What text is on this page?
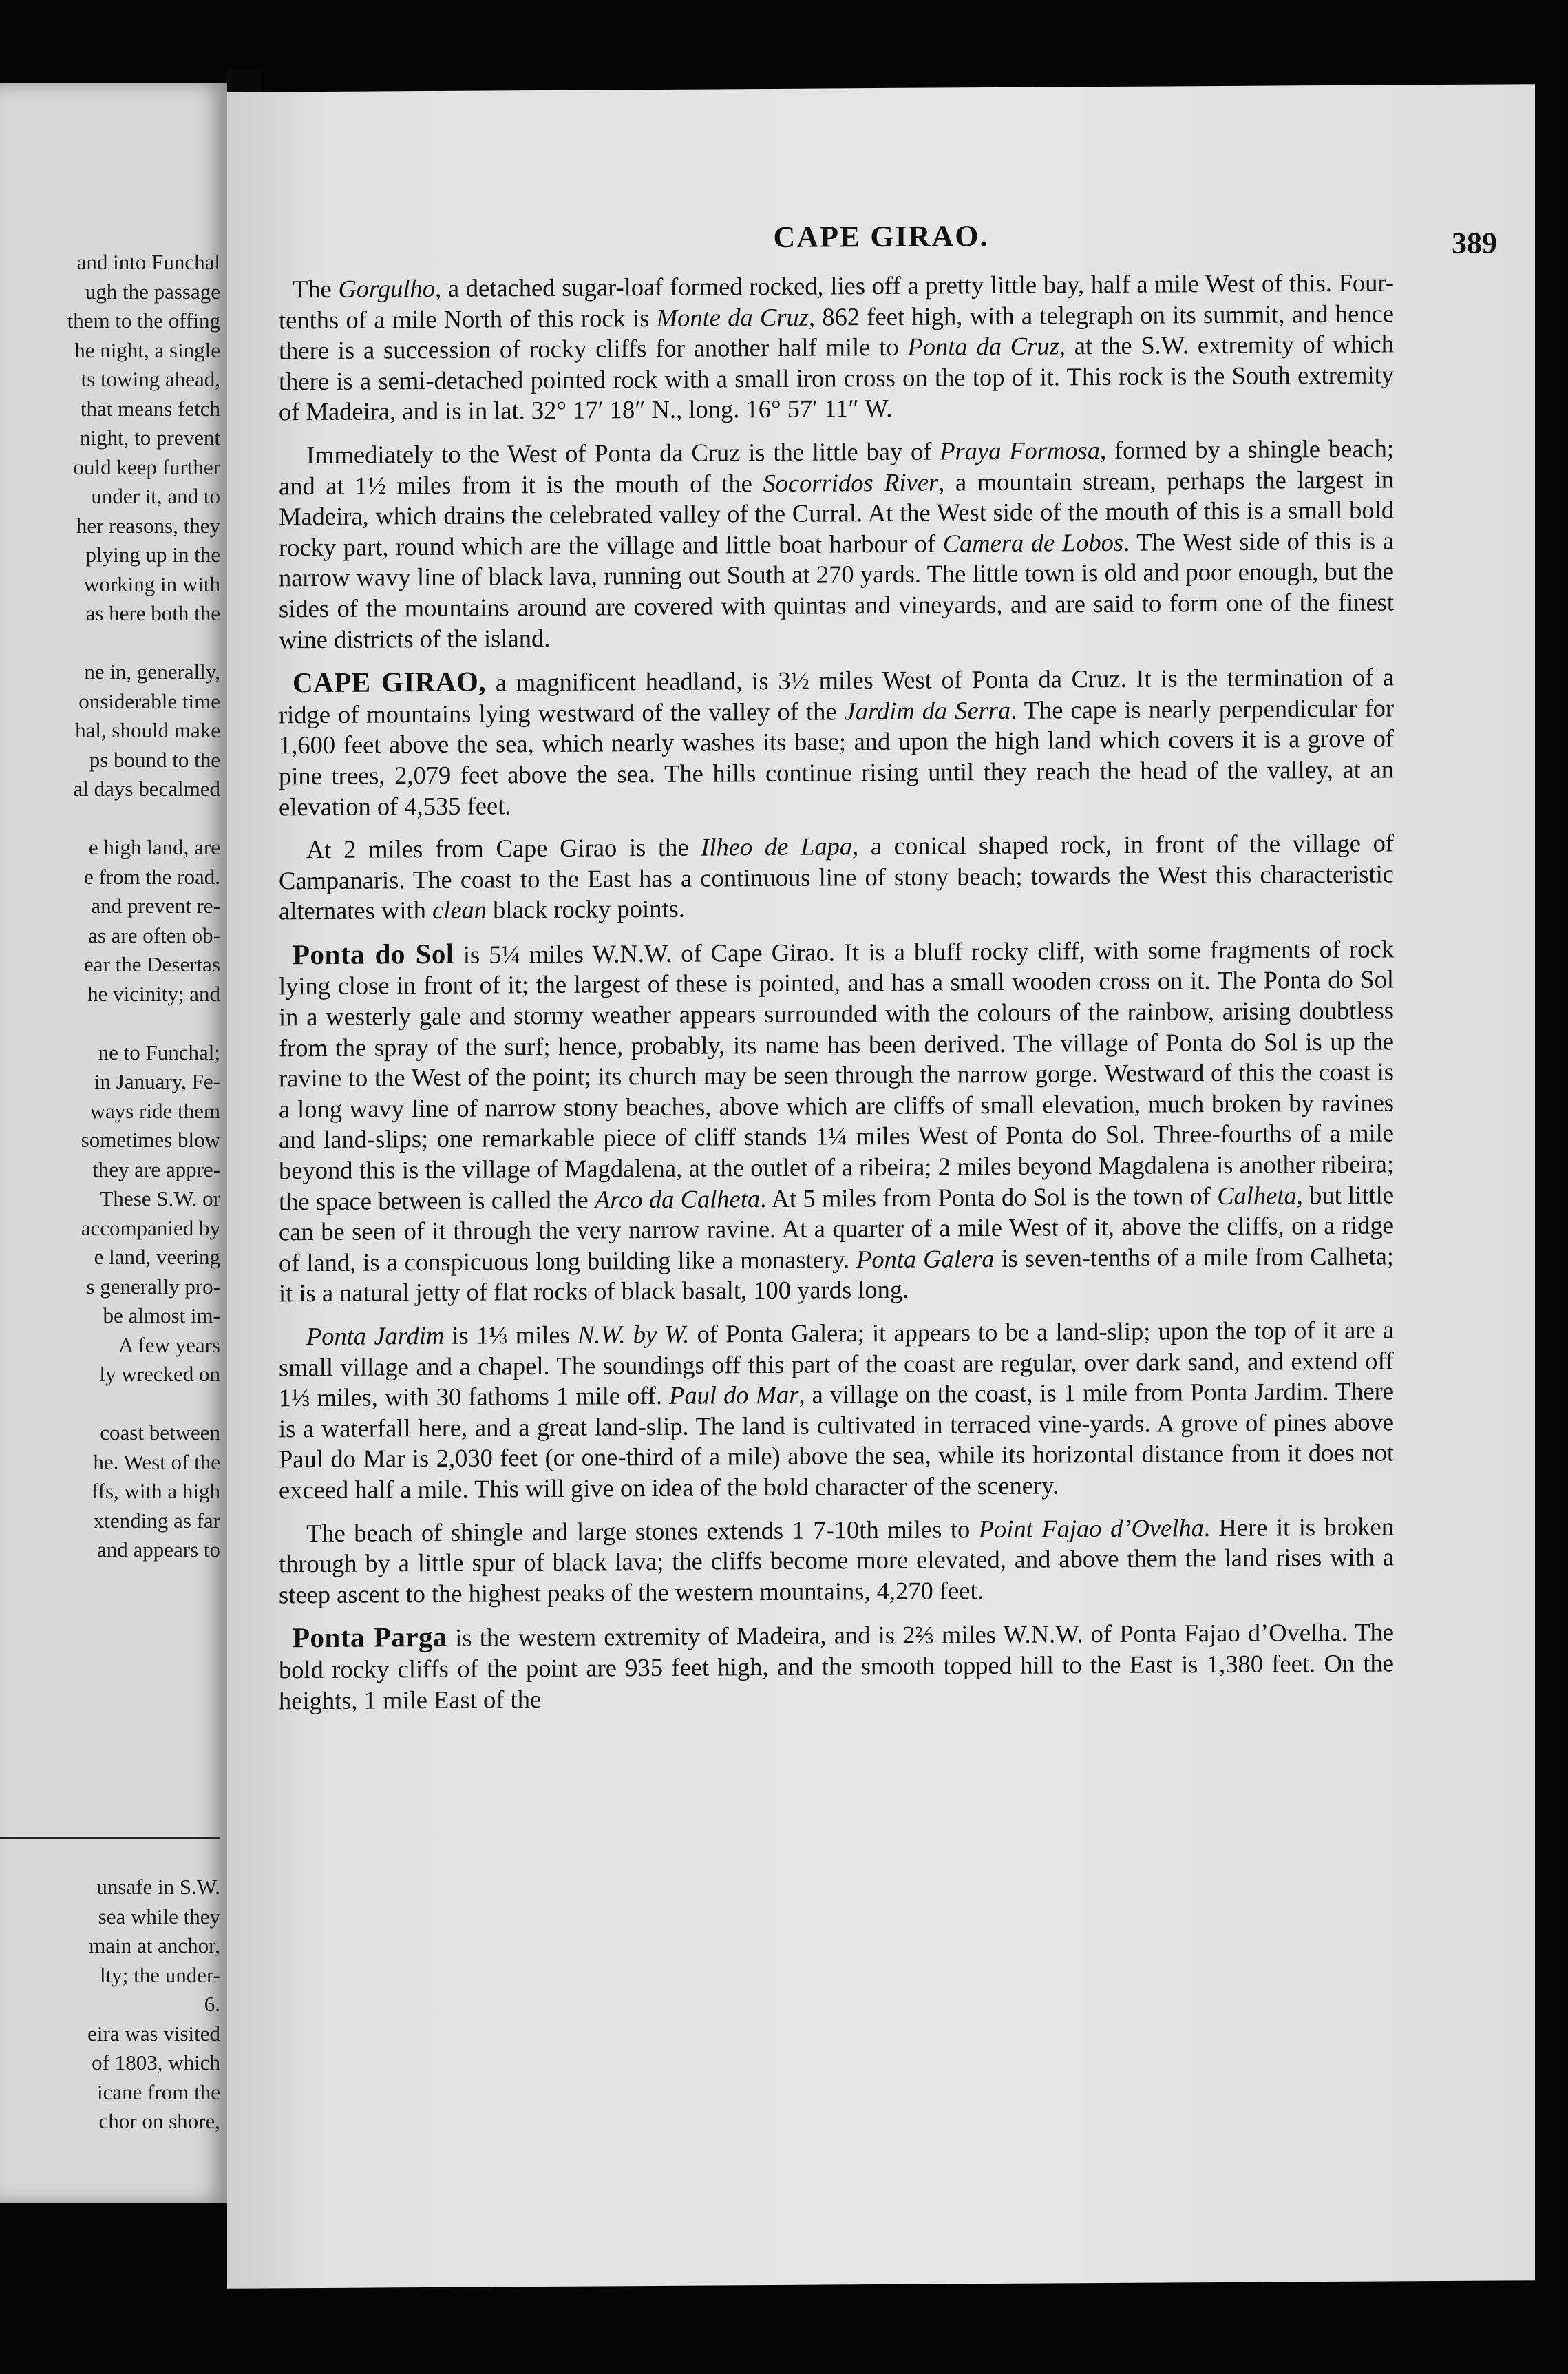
and into Funchal
ugh the passage
them to the offing
he night, a single
ts towing ahead,
that means fetch
night, to prevent
ould keep further
under it, and to
her reasons, they
plying up in the
working in with
as here both the

ne in, generally,
onsiderable time
hal, should make
ps bound to the
al days becalmed

e high land, are
e from the road.
and prevent re-
as are often ob-
ear the Desertas
he vicinity; and

ne to Funchal;
in January, Fe-
ways ride them
sometimes blow
they are appre-
These S.W. or
accompanied by
e land, veering
s generally pro-
be almost im-
A few years
ly wrecked on

coast between
he. West of the
ffs, with a high
xtending as far
and appears to
unsafe in S.W.
sea while they
main at anchor,
lty; the under-
6.
eira was visited
of 1803, which
icane from the
chor on shore,
CAPE GIRAO.	389

The Gorgulho, a detached sugar-loaf formed rocked, lies off a pretty little bay, half a mile West of this. Four-tenths of a mile North of this rock is Monte da Cruz, 862 feet high, with a telegraph on its summit, and hence there is a succession of rocky cliffs for another half mile to Ponta da Cruz, at the S.W. extremity of which there is a semi-detached pointed rock with a small iron cross on the top of it. This rock is the South extremity of Madeira, and is in lat. 32° 17′ 18″ N., long. 16° 57′ 11″ W.

Immediately to the West of Ponta da Cruz is the little bay of Praya Formosa, formed by a shingle beach; and at 1½ miles from it is the mouth of the Socorridos River, a mountain stream, perhaps the largest in Madeira, which drains the celebrated valley of the Curral. At the West side of the mouth of this is a small bold rocky part, round which are the village and little boat harbour of Camera de Lobos. The West side of this is a narrow wavy line of black lava, running out South at 270 yards. The little town is old and poor enough, but the sides of the mountains around are covered with quintas and vineyards, and are said to form one of the finest wine districts of the island.

CAPE GIRAO, a magnificent headland, is 3½ miles West of Ponta da Cruz. It is the termination of a ridge of mountains lying westward of the valley of the Jardim da Serra. The cape is nearly perpendicular for 1,600 feet above the sea, which nearly washes its base; and upon the high land which covers it is a grove of pine trees, 2,079 feet above the sea. The hills continue rising until they reach the head of the valley, at an elevation of 4,535 feet.

At 2 miles from Cape Girao is the Ilheo de Lapa, a conical shaped rock, in front of the village of Campanaris. The coast to the East has a continuous line of stony beach; towards the West this characteristic alternates with clean black rocky points.

Ponta do Sol is 5¼ miles W.N.W. of Cape Girao. It is a bluff rocky cliff, with some fragments of rock lying close in front of it; the largest of these is pointed, and has a small wooden cross on it. The Ponta do Sol in a westerly gale and stormy weather appears surrounded with the colours of the rainbow, arising doubtless from the spray of the surf; hence, probably, its name has been derived. The village of Ponta do Sol is up the ravine to the West of the point; its church may be seen through the narrow gorge. Westward of this the coast is a long wavy line of narrow stony beaches, above which are cliffs of small elevation, much broken by ravines and land-slips; one remarkable piece of cliff stands 1¼ miles West of Ponta do Sol. Three-fourths of a mile beyond this is the village of Magdalena, at the outlet of a ribeira; 2 miles beyond Magdalena is another ribeira; the space between is called the Arco da Calheta. At 5 miles from Ponta do Sol is the town of Calheta, but little can be seen of it through the very narrow ravine. At a quarter of a mile West of it, above the cliffs, on a ridge of land, is a conspicuous long building like a monastery. Ponta Galera is seven-tenths of a mile from Calheta; it is a natural jetty of flat rocks of black basalt, 100 yards long.

Ponta Jardim is 1⅓ miles N.W. by W. of Ponta Galera; it appears to be a land-slip; upon the top of it are a small village and a chapel. The soundings off this part of the coast are regular, over dark sand, and extend off 1⅓ miles, with 30 fathoms 1 mile off. Paul do Mar, a village on the coast, is 1 mile from Ponta Jardim. There is a waterfall here, and a great land-slip. The land is cultivated in terraced vine-yards. A grove of pines above Paul do Mar is 2,030 feet (or one-third of a mile) above the sea, while its horizontal distance from it does not exceed half a mile. This will give on idea of the bold character of the scenery.

The beach of shingle and large stones extends 1 7-10th miles to Point Fajao d’Ovelha. Here it is broken through by a little spur of black lava; the cliffs become more elevated, and above them the land rises with a steep ascent to the highest peaks of the western mountains, 4,270 feet.

Ponta Parga is the western extremity of Madeira, and is 2⅔ miles W.N.W. of Ponta Fajao d’Ovelha. The bold rocky cliffs of the point are 935 feet high, and the smooth topped hill to the East is 1,380 feet. On the heights, 1 mile East of the
